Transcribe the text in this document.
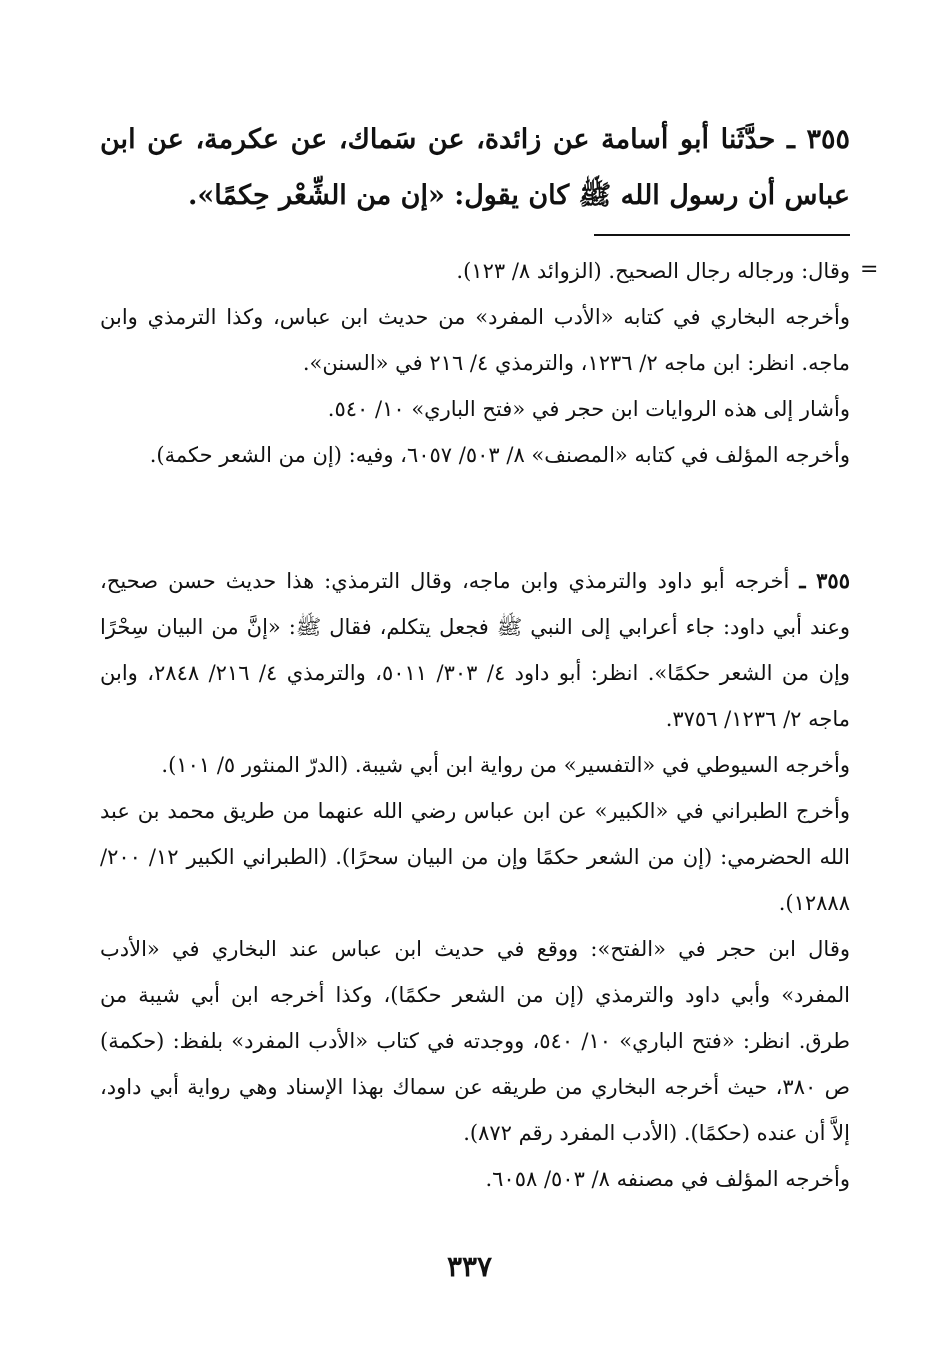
٣٥٥ ـ حدَّثَنا أبو أسامة عن زائدة، عن سَماك، عن عكرمة، عن ابن عباس أن رسول الله ﷺ كان يقول: «إن من الشِّعْر حِكمًا».

=

وقال: ورجاله رجال الصحيح. (الزوائد ٨/ ١٢٣).

وأخرجه البخاري في كتابه «الأدب المفرد» من حديث ابن عباس، وكذا الترمذي وابن ماجه. انظر: ابن ماجه ٢/ ١٢٣٦، والترمذي ٤/ ٢١٦ في «السنن».

وأشار إلى هذه الروايات ابن حجر في «فتح الباري» ١٠/ ٥٤٠.

وأخرجه المؤلف في كتابه «المصنف» ٨/ ٥٠٣/ ٦٠٥٧، وفيه: (إن من الشعر حكمة).

٣٥٥ ـ أخرجه أبو داود والترمذي وابن ماجه، وقال الترمذي: هذا حديث حسن صحيح، وعند أبي داود: جاء أعرابي إلى النبي ﷺ فجعل يتكلم، فقال ﷺ: «إنَّ من البيان سِحْرًا وإن من الشعر حكمًا». انظر: أبو داود ٤/ ٣٠٣/ ٥٠١١، والترمذي ٤/ ٢١٦/ ٢٨٤٨، وابن ماجه ٢/ ١٢٣٦/ ٣٧٥٦.

وأخرجه السيوطي في «التفسير» من رواية ابن أبي شيبة. (الدرّ المنثور ٥/ ١٠١).

وأخرج الطبراني في «الكبير» عن ابن عباس رضي الله عنهما من طريق محمد بن عبد الله الحضرمي: (إن من الشعر حكمًا وإن من البيان سحرًا). (الطبراني الكبير ١٢/ ٢٠٠/ ١٢٨٨٨).

وقال ابن حجر في «الفتح»: ووقع في حديث ابن عباس عند البخاري في «الأدب المفرد» وأبي داود والترمذي (إن من الشعر حكمًا)، وكذا أخرجه ابن أبي شيبة من طرق. انظر: «فتح الباري» ١٠/ ٥٤٠، ووجدته في كتاب «الأدب المفرد» بلفظ: (حكمة) ص ٣٨٠، حيث أخرجه البخاري من طريقه عن سماك بهذا الإسناد وهي رواية أبي داود، إلاَّ أن عنده (حكمًا). (الأدب المفرد رقم ٨٧٢).

وأخرجه المؤلف في مصنفه ٨/ ٥٠٣/ ٦٠٥٨.

٣٣٧
